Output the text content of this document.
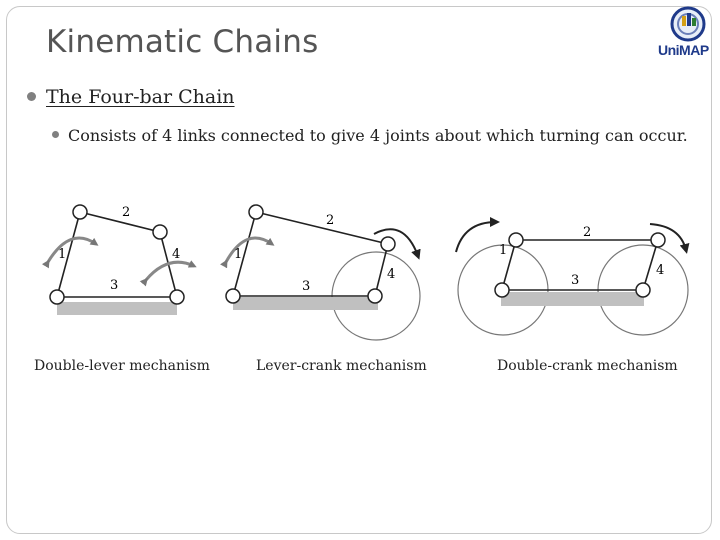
Kinematic Chains	UniMAP
The Four-bar Chain
Consists of 4 links connected to give 4 joints about which turning can occur.
1
2
3
4	1
2
3
4
1
2
3
4
Double-lever mechanism	Lever-crank mechanism	Double-crank mechanism
